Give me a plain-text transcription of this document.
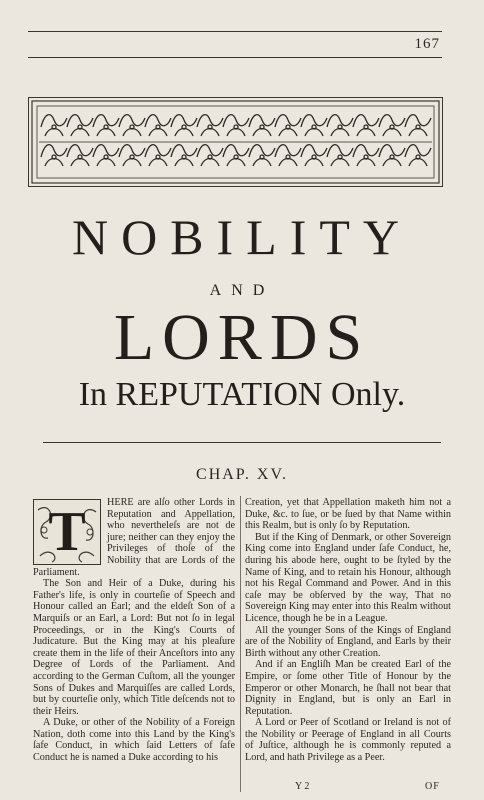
167
NOBILITY
AND
LORDS
In REPUTATION Only.
CHAP. XV.
T	HERE are alſo other Lords in Reputation and Appellation, who nevertheleſs are not de jure; neither can they enjoy the Privileges of thoſe of the Nobility that are Lords of the Parliament.

The Son and Heir of a Duke, during his Father's life, is only in courteſie of Speech and Honour called an Earl; and the eldeſt Son of a Marquiſs or an Earl, a Lord: But not ſo in legal Proceedings, or in the King's Courts of Judicature. But the King may at his pleaſure create them in the life of their Anceſtors into any Degree of Lords of the Parliament. And according to the German Cuſtom, all the younger Sons of Dukes and Marquiſſes are called Lords, but by courteſie only, which Title deſcends not to their Heirs.

A Duke, or other of the Nobility of a Foreign Nation, doth come into this Land by the King's ſafe Conduct, in which ſaid Letters of ſafe Conduct he is named a Duke according to his

Creation, yet that Appellation maketh him not a Duke, &c. to ſue, or be ſued by that Name within this Realm, but is only ſo by Reputation.

But if the King of Denmark, or other Sovereign King come into England under ſafe Conduct, he, during his abode here, ought to be ſtyled by the Name of King, and to retain his Honour, although not his Regal Command and Power. And in this caſe may be obſerved by the way, That no Sovereign King may enter into this Realm without Licence, though he be in a League.

All the younger Sons of the Kings of England are of the Nobility of England, and Earls by their Birth without any other Creation.

And if an Engliſh Man be created Earl of the Empire, or ſome other Title of Honour by the Emperor or other Monarch, he ſhall not bear that Dignity in England, but is only an Earl in Reputation.

A Lord or Peer of Scotland or Ireland is not of the Nobility or Peerage of England in all Courts of Juſtice, although he is commonly reputed a Lord, and hath Privilege as a Peer.

Y 2	OF
